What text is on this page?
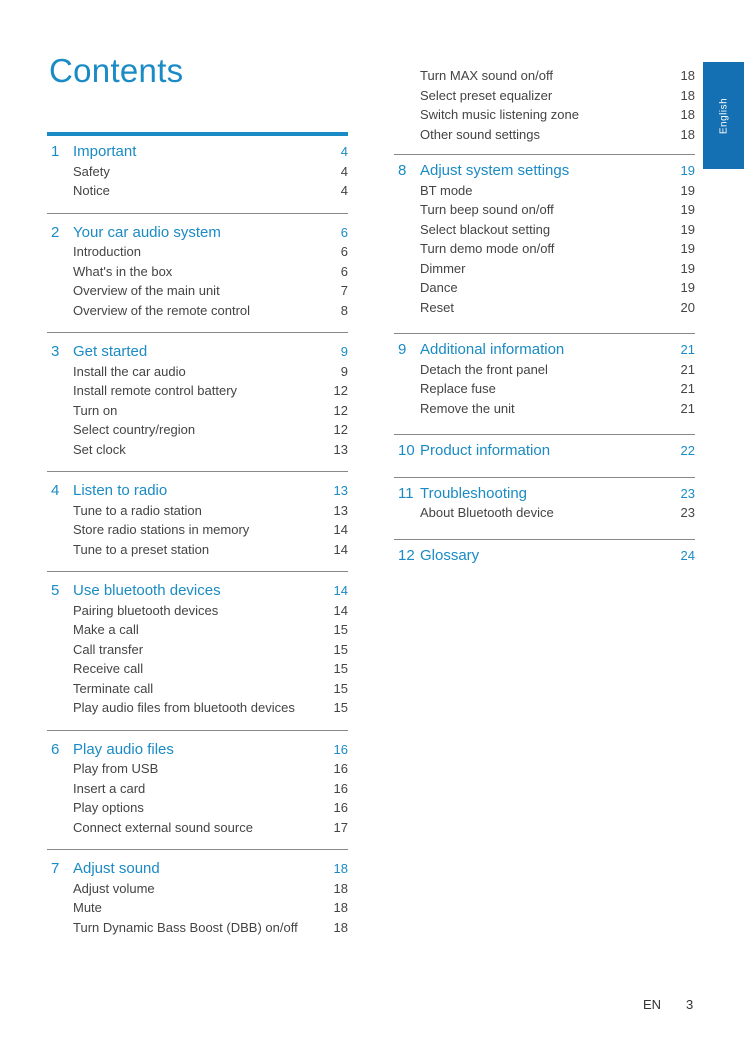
Contents
English
1 Important	4
Safety	4
Notice	4
2 Your car audio system	6
Introduction	6
What's in the box	6
Overview of the main unit	7
Overview of the remote control	8
3 Get started	9
Install the car audio	9
Install remote control battery	12
Turn on	12
Select country/region	12
Set clock	13
4 Listen to radio	13
Tune to a radio station	13
Store radio stations in memory	14
Tune to a preset station	14
5 Use bluetooth devices	14
Pairing bluetooth devices	14
Make a call	15
Call transfer	15
Receive call	15
Terminate call	15
Play audio files from bluetooth devices	15
6 Play audio files	16
Play from USB	16
Insert a card	16
Play options	16
Connect external sound source	17
7 Adjust sound	18
Adjust volume	18
Mute	18
Turn Dynamic Bass Boost (DBB) on/off	18
Turn MAX sound on/off	18
Select preset equalizer	18
Switch music listening zone	18
Other sound settings	18
8 Adjust system settings	19
BT mode	19
Turn beep sound on/off	19
Select blackout setting	19
Turn demo mode on/off	19
Dimmer	19
Dance	19
Reset	20
9 Additional information	21
Detach the front panel	21
Replace fuse	21
Remove the unit	21
10 Product information	22
11 Troubleshooting	23
About Bluetooth device	23
12 Glossary	24
EN 3
